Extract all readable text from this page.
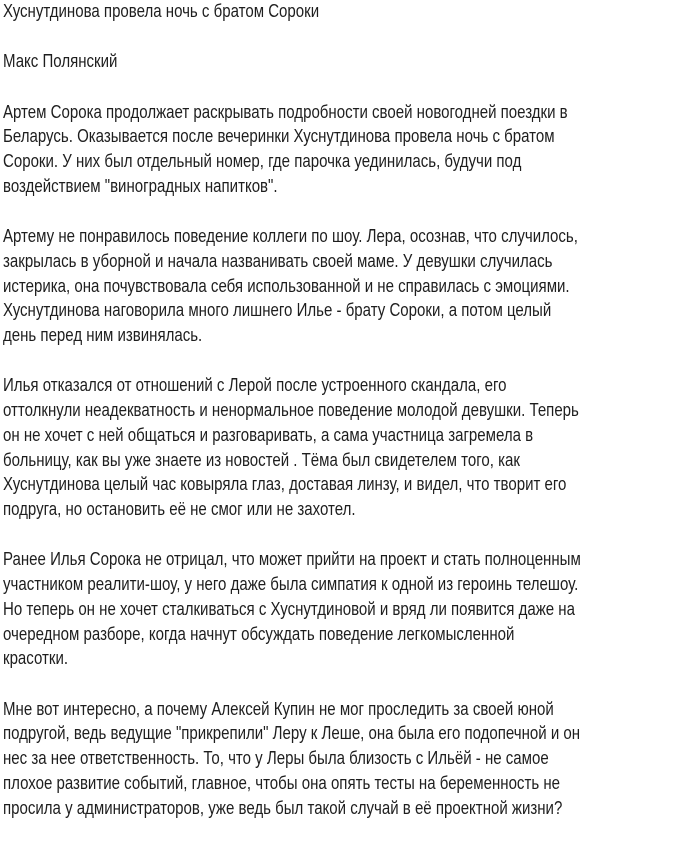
Хуснутдинова провела ночь с братом Сороки
Макс Полянский
Артем Сорока продолжает раскрывать подробности своей новогодней поездки в
Беларусь. Оказывается после вечеринки Хуснутдинова провела ночь с братом
Сороки. У них был отдельный номер, где парочка уединилась, будучи под
воздействием "виноградных напитков".
Артему не понравилось поведение коллеги по шоу. Лера, осознав, что случилось,
закрылась в уборной и начала названивать своей маме. У девушки случилась
истерика, она почувствовала себя использованной и не справилась с эмоциями.
Хуснутдинова наговорила много лишнего Илье - брату Сороки, а потом целый
день перед ним извинялась.
Илья отказался от отношений с Лерой после устроенного скандала, его
оттолкнули неадекватность и ненормальное поведение молодой девушки. Теперь
он не хочет с ней общаться и разговаривать, а сама участница загремела в
больницу, как вы уже знаете из новостей . Тёма был свидетелем того, как
Хуснутдинова целый час ковыряла глаз, доставая линзу, и видел, что творит его
подруга, но остановить её не смог или не захотел.
Ранее Илья Сорока не отрицал, что может прийти на проект и стать полноценным
участником реалити-шоу, у него даже была симпатия к одной из героинь телешоу.
Но теперь он не хочет сталкиваться с Хуснутдиновой и вряд ли появится даже на
очередном разборе, когда начнут обсуждать поведение легкомысленной
красотки.
Мне вот интересно, а почему Алексей Купин не мог проследить за своей юной
подругой, ведь ведущие "прикрепили" Леру к Леше, она была его подопечной и он
нес за нее ответственность. То, что у Леры была близость с Ильёй - не самое
плохое развитие событий, главное, чтобы она опять тесты на беременность не
просила у администраторов, уже ведь был такой случай в её проектной жизни?
